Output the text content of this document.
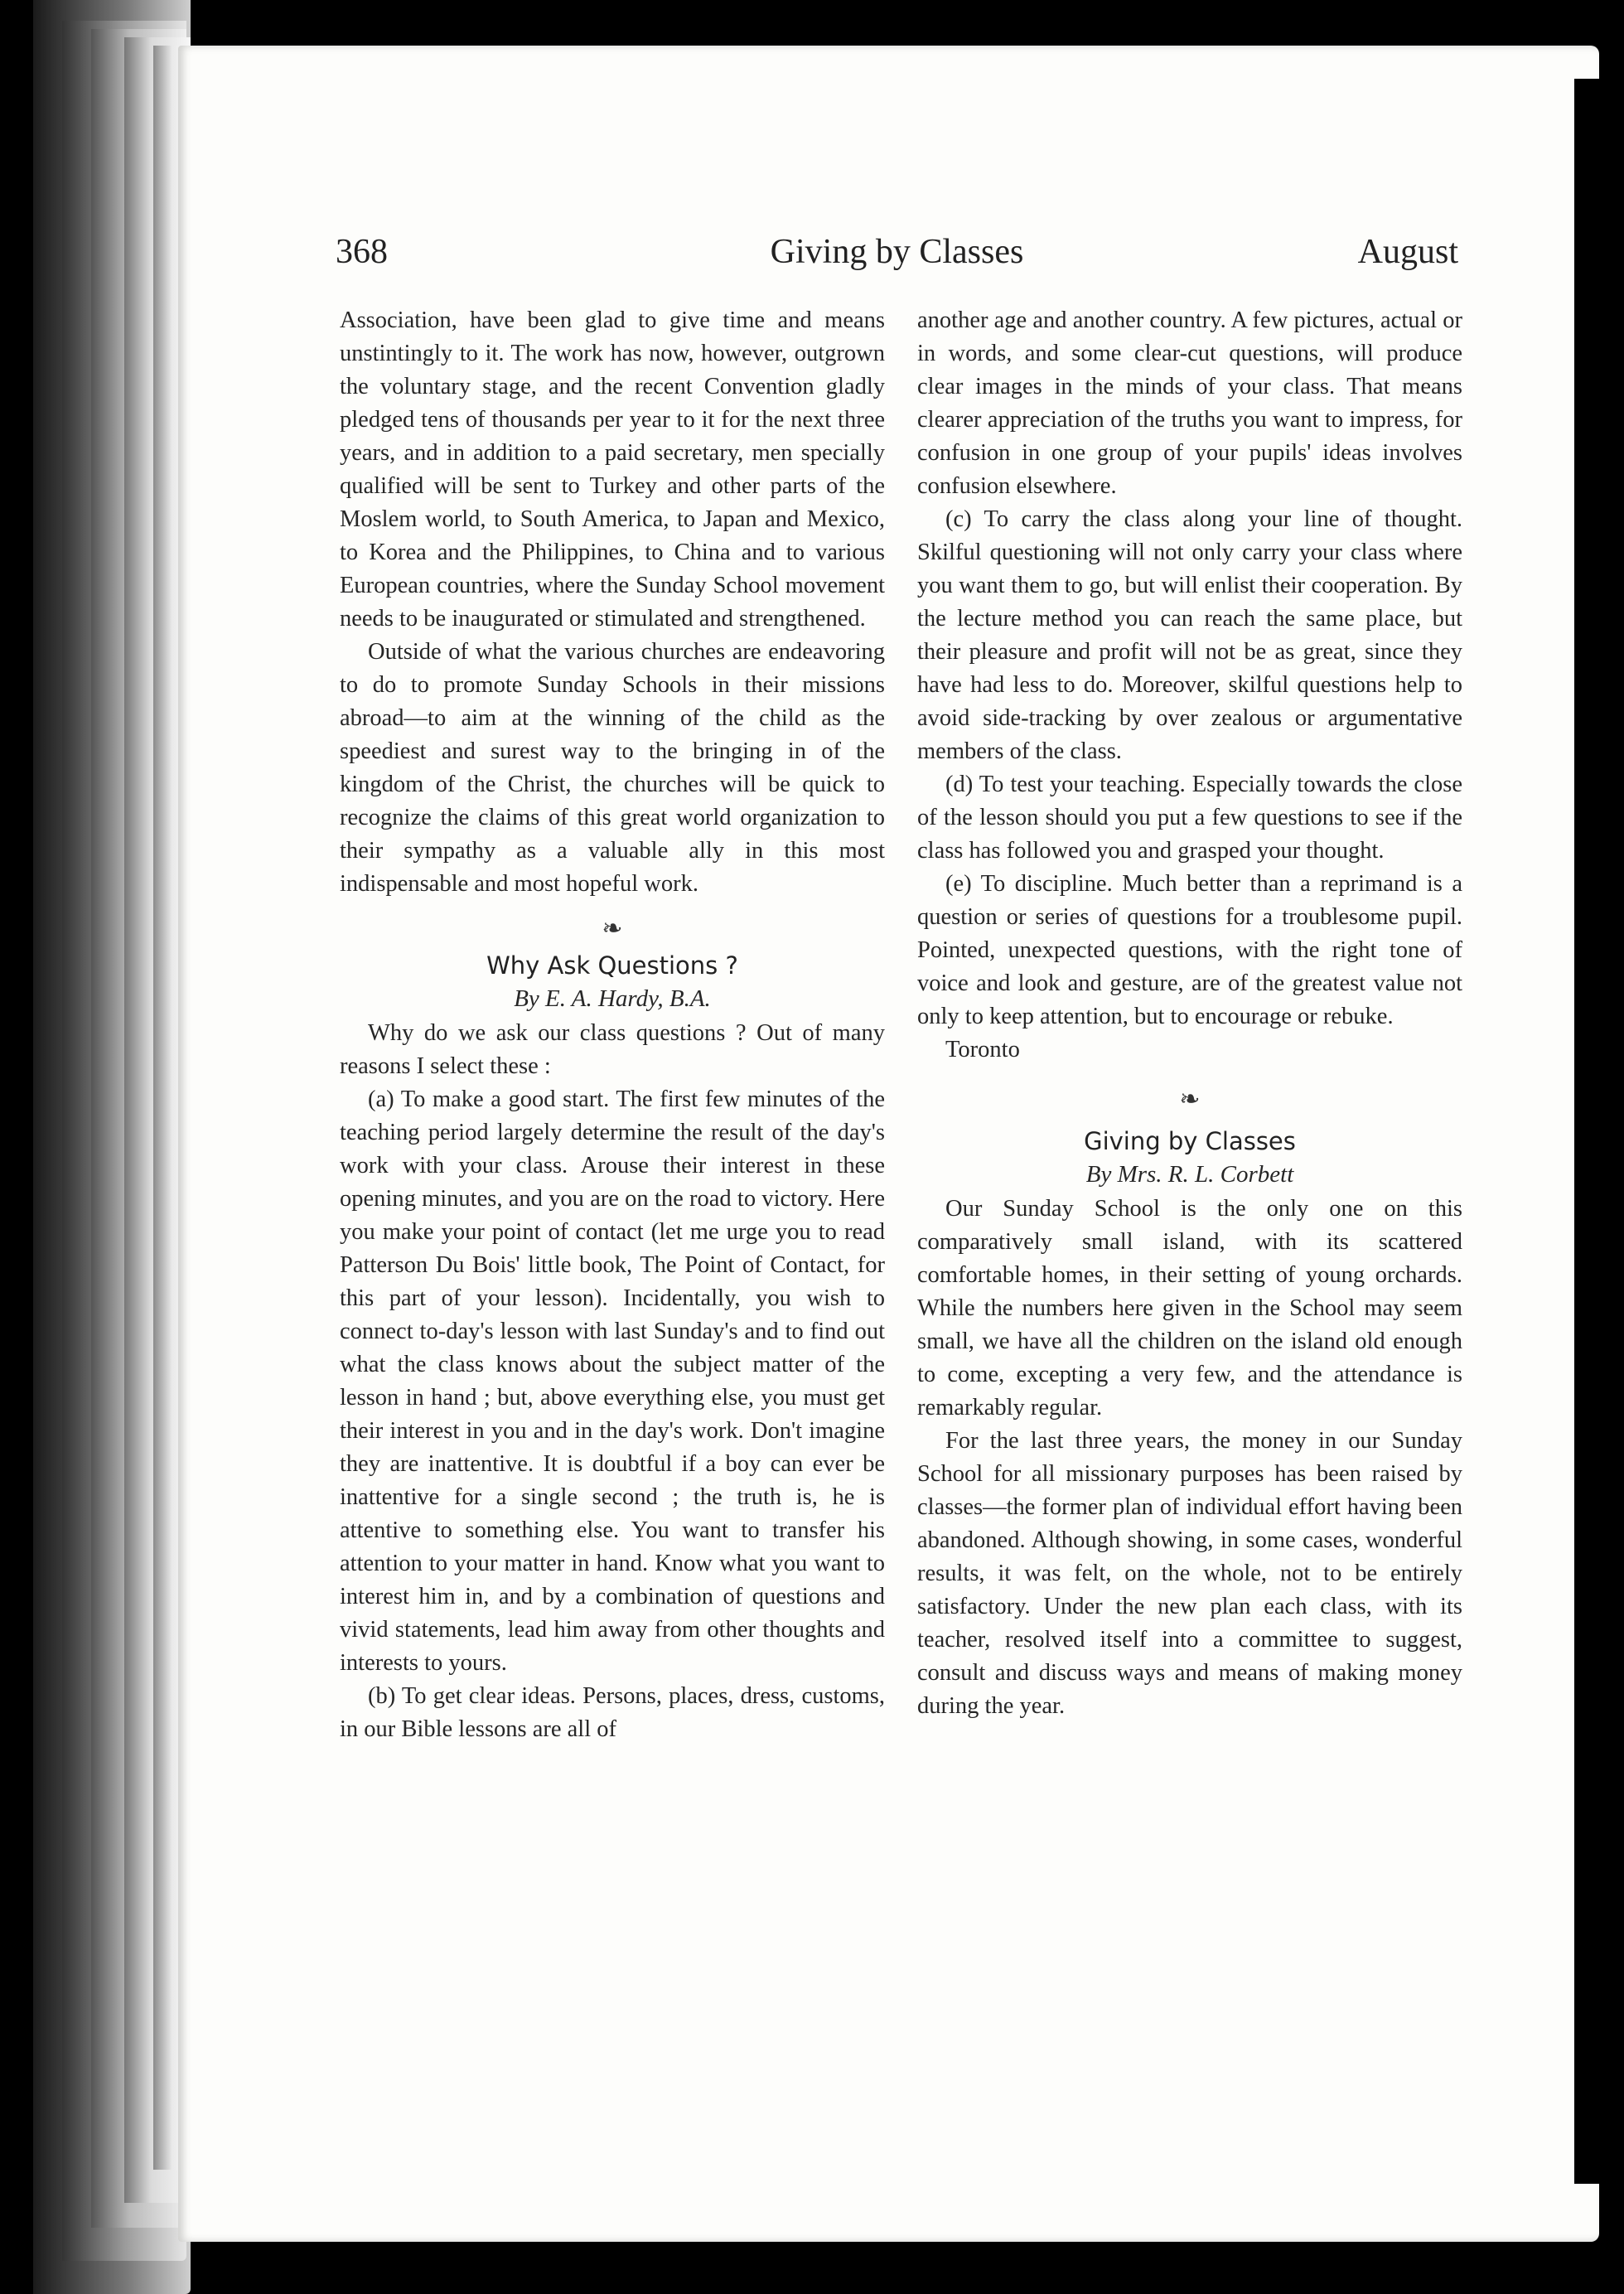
368	Giving by Classes	August

Association, have been glad to give time and means unstintingly to it. The work has now, however, outgrown the voluntary stage, and the recent Convention gladly pledged tens of thousands per year to it for the next three years, and in addition to a paid secretary, men specially qualified will be sent to Turkey and other parts of the Moslem world, to South America, to Japan and Mexico, to Korea and the Philippines, to China and to various European countries, where the Sunday School movement needs to be inaugurated or stimulated and strengthened.

Outside of what the various churches are endeavoring to do to promote Sunday Schools in their missions abroad—to aim at the winning of the child as the speediest and surest way to the bringing in of the kingdom of the Christ, the churches will be quick to recognize the claims of this great world organization to their sympathy as a valuable ally in this most indispensable and most hopeful work.

❧
Why Ask Questions ?
By E. A. Hardy, B.A.

Why do we ask our class questions ? Out of many reasons I select these :

(a) To make a good start. The first few minutes of the teaching period largely determine the result of the day's work with your class. Arouse their interest in these opening minutes, and you are on the road to victory. Here you make your point of contact (let me urge you to read Patterson Du Bois' little book, The Point of Contact, for this part of your lesson). Incidentally, you wish to connect to-day's lesson with last Sunday's and to find out what the class knows about the subject matter of the lesson in hand ; but, above everything else, you must get their interest in you and in the day's work. Don't imagine they are inattentive. It is doubtful if a boy can ever be inattentive for a single second ; the truth is, he is attentive to something else. You want to transfer his attention to your matter in hand. Know what you want to interest him in, and by a combination of questions and vivid statements, lead him away from other thoughts and interests to yours.

(b) To get clear ideas. Persons, places, dress, customs, in our Bible lessons are all of

another age and another country. A few pictures, actual or in words, and some clear-cut questions, will produce clear images in the minds of your class. That means clearer appreciation of the truths you want to impress, for confusion in one group of your pupils' ideas involves confusion elsewhere.

(c) To carry the class along your line of thought. Skilful questioning will not only carry your class where you want them to go, but will enlist their cooperation. By the lecture method you can reach the same place, but their pleasure and profit will not be as great, since they have had less to do. Moreover, skilful questions help to avoid side-tracking by over zealous or argumentative members of the class.

(d) To test your teaching. Especially towards the close of the lesson should you put a few questions to see if the class has followed you and grasped your thought.

(e) To discipline. Much better than a reprimand is a question or series of questions for a troublesome pupil. Pointed, unexpected questions, with the right tone of voice and look and gesture, are of the greatest value not only to keep attention, but to encourage or rebuke.

Toronto

❧
Giving by Classes
By Mrs. R. L. Corbett

Our Sunday School is the only one on this comparatively small island, with its scattered comfortable homes, in their setting of young orchards. While the numbers here given in the School may seem small, we have all the children on the island old enough to come, excepting a very few, and the attendance is remarkably regular.

For the last three years, the money in our Sunday School for all missionary purposes has been raised by classes—the former plan of individual effort having been abandoned. Although showing, in some cases, wonderful results, it was felt, on the whole, not to be entirely satisfactory. Under the new plan each class, with its teacher, resolved itself into a committee to suggest, consult and discuss ways and means of making money during the year.
